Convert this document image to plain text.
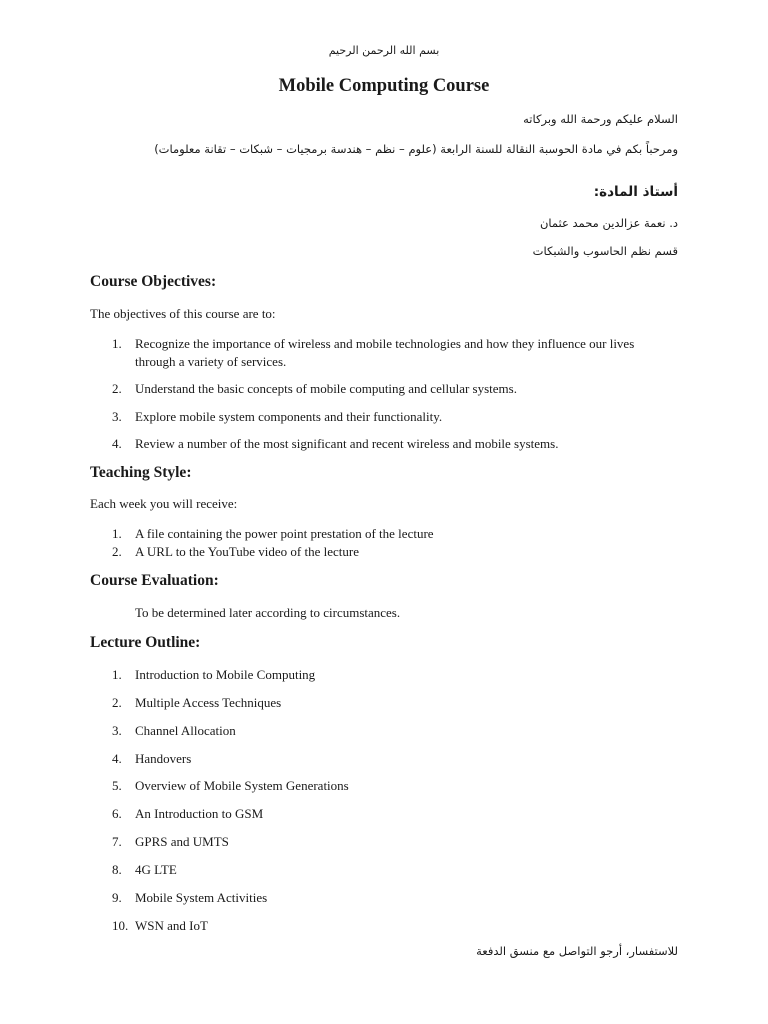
بسم الله الرحمن الرحيم
Mobile Computing Course
السلام عليكم ورحمة الله وبركاته
ومرحباً بكم في مادة الحوسبة النقالة للسنة الرابعة (علوم – نظم – هندسة برمجيات – شبكات – تقانة معلومات)
أستاذ المادة:
د. نعمة عزالدين محمد عثمان
قسم نظم الحاسوب والشبكات
Course Objectives:

The objectives of this course are to:

1.	Recognize the importance of wireless and mobile technologies and how they influence our lives through a variety of services.
2.	Understand the basic concepts of mobile computing and cellular systems.
3.	Explore mobile system components and their functionality.
4.	Review a number of the most significant and recent wireless and mobile systems.
Teaching Style:

Each week you will receive:

1.	A file containing the power point prestation of the lecture
2.	A URL to the YouTube video of the lecture
Course Evaluation:

To be determined later according to circumstances.

Lecture Outline:
1.	Introduction to Mobile Computing
2.	Multiple Access Techniques
3.	Channel Allocation
4.	Handovers
5.	Overview of Mobile System Generations
6.	An Introduction to GSM
7.	GPRS and UMTS
8.	4G LTE
9.	Mobile System Activities
10. WSN and IoT
للاستفسار، أرجو التواصل مع منسق الدفعة
